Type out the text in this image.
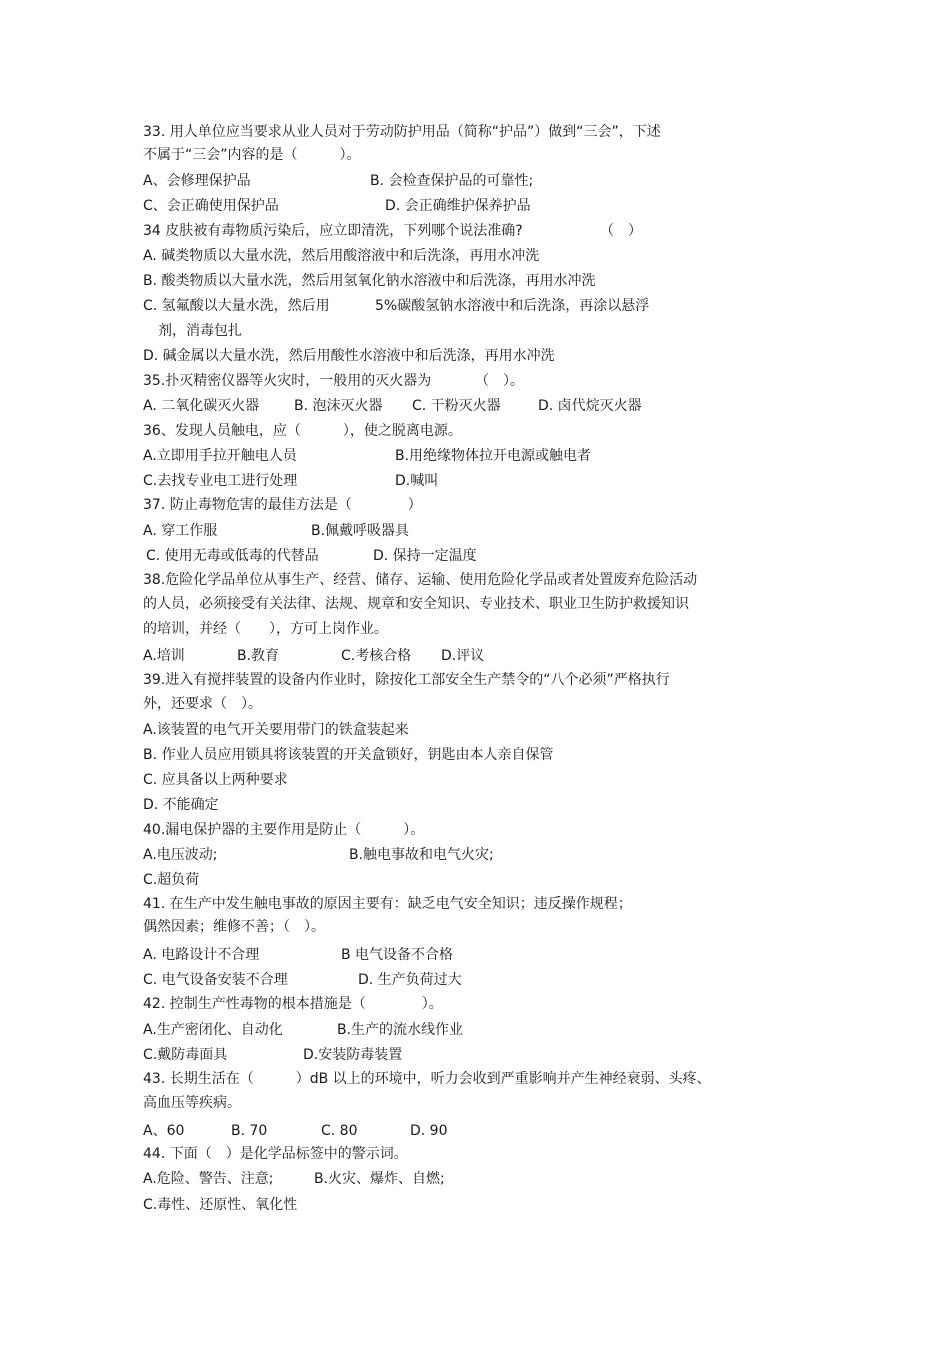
33. 用人单位应当要求从业人员对于劳动防护用品（简称“护品”）做到“三会”，下述
不属于“三会”内容的是（　　　）。
A、会修理保护品	B. 会检查保护品的可靠性;
C、会正确使用保护品	D. 会正确维护保养护品
34 皮肤被有毒物质污染后，应立即清洗，下列哪个说法准确?	（　）
A. 碱类物质以大量水洗，然后用酸溶液中和后洗涤，再用水冲洗
B. 酸类物质以大量水洗，然后用氢氧化钠水溶液中和后洗涤，再用水冲洗
C. 氢氟酸以大量水洗，然后用	5%碳酸氢钠水溶液中和后洗涤，再涂以悬浮
剂，消毒包扎
D. 碱金属以大量水洗，然后用酸性水溶液中和后洗涤，再用水冲洗
35.扑灭精密仪器等火灾时，一般用的灭火器为	（　）。
A. 二氧化碳灭火器 B. 泡沫灭火器 C. 干粉灭火器	D. 卤代烷灭火器
36、发现人员触电，应（　　　），使之脱离电源。
A.立即用手拉开触电人员	B.用绝缘物体拉开电源或触电者
C.去找专业电工进行处理	D.喊叫
37. 防止毒物危害的最佳方法是（　　　　）
A. 穿工作服	B.佩戴呼吸器具
C. 使用无毒或低毒的代替品	D. 保持一定温度
38.危险化学品单位从事生产、经营、储存、运输、使用危险化学品或者处置废弃危险活动
的人员，必须接受有关法律、法规、规章和安全知识、专业技术、职业卫生防护救援知识
的培训，并经（　　），方可上岗作业。
A.培训	B.教育	C.考核合格 D.评议
39.进入有搅拌装置的设备内作业时，除按化工部安全生产禁令的“八个必须”严格执行
外，还要求（　）。
A.该装置的电气开关要用带门的铁盒装起来
B. 作业人员应用锁具将该装置的开关盒锁好，钥匙由本人亲自保管
C. 应具备以上两种要求
D. 不能确定
40.漏电保护器的主要作用是防止（　　　）。
A.电压波动;	B.触电事故和电气火灾;
C.超负荷
41. 在生产中发生触电事故的原因主要有：缺乏电气安全知识；违反操作规程；
偶然因素；维修不善；（　）。
A. 电路设计不合理	B 电气设备不合格
C. 电气设备安装不合理	D. 生产负荷过大
42. 控制生产性毒物的根本措施是（　　　　）。
A.生产密闭化、自动化	B.生产的流水线作业
C.戴防毒面具	D.安装防毒装置
43. 长期生活在（　　　）dB 以上的环境中，听力会收到严重影响并产生神经衰弱、头疼、
高血压等疾病。
A、60	B. 70	C. 80	D. 90
44. 下面（　）是化学品标签中的警示词。
A.危险、警告、注意;	B.火灾、爆炸、自燃;
C.毒性、还原性、氧化性
